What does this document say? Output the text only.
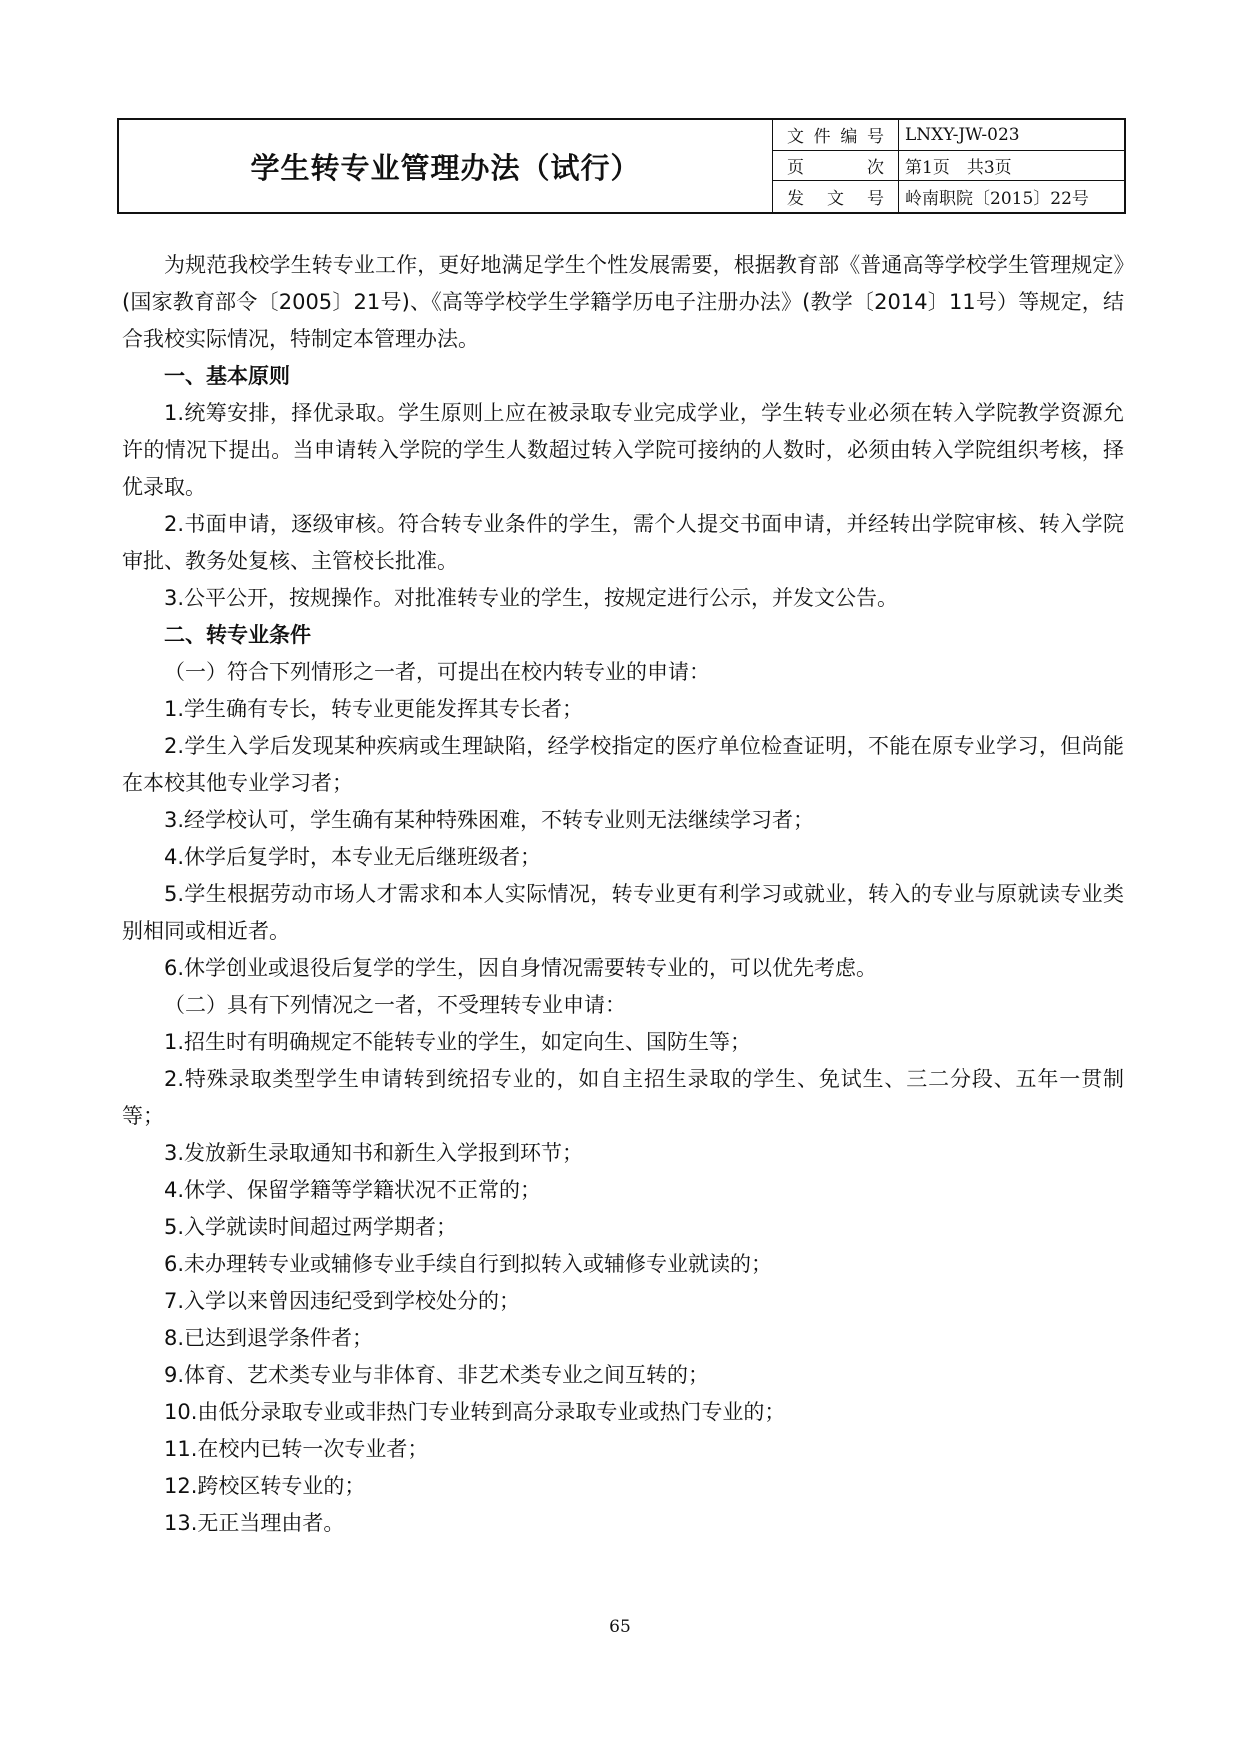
学生转专业管理办法（试行）
文 件 编 号	LNXY-JW-023
页	次	第1页　共3页
发 文 号	岭南职院〔2015〕22号

为规范我校学生转专业工作，更好地满足学生个性发展需要，根据教育部《普通高等学校学生管理规定》(国家教育部令〔2005〕21号)、《高等学校学生学籍学历电子注册办法》(教学〔2014〕11号）等规定，结合我校实际情况，特制定本管理办法。

一、基本原则

1.统筹安排，择优录取。学生原则上应在被录取专业完成学业，学生转专业必须在转入学院教学资源允许的情况下提出。当申请转入学院的学生人数超过转入学院可接纳的人数时，必须由转入学院组织考核，择优录取。

2.书面申请，逐级审核。符合转专业条件的学生，需个人提交书面申请，并经转出学院审核、转入学院审批、教务处复核、主管校长批准。

3.公平公开，按规操作。对批准转专业的学生，按规定进行公示，并发文公告。

二、转专业条件

（一）符合下列情形之一者，可提出在校内转专业的申请：

1.学生确有专长，转专业更能发挥其专长者；

2.学生入学后发现某种疾病或生理缺陷，经学校指定的医疗单位检查证明，不能在原专业学习，但尚能在本校其他专业学习者；

3.经学校认可，学生确有某种特殊困难，不转专业则无法继续学习者；

4.休学后复学时，本专业无后继班级者；

5.学生根据劳动市场人才需求和本人实际情况，转专业更有利学习或就业，转入的专业与原就读专业类别相同或相近者。

6.休学创业或退役后复学的学生，因自身情况需要转专业的，可以优先考虑。

（二）具有下列情况之一者，不受理转专业申请：

1.招生时有明确规定不能转专业的学生，如定向生、国防生等；

2.特殊录取类型学生申请转到统招专业的，如自主招生录取的学生、免试生、三二分段、五年一贯制等；

3.发放新生录取通知书和新生入学报到环节；

4.休学、保留学籍等学籍状况不正常的；

5.入学就读时间超过两学期者；

6.未办理转专业或辅修专业手续自行到拟转入或辅修专业就读的；

7.入学以来曾因违纪受到学校处分的；

8.已达到退学条件者；

9.体育、艺术类专业与非体育、非艺术类专业之间互转的；

10.由低分录取专业或非热门专业转到高分录取专业或热门专业的；

11.在校内已转一次专业者；

12.跨校区转专业的；

13.无正当理由者。

65
